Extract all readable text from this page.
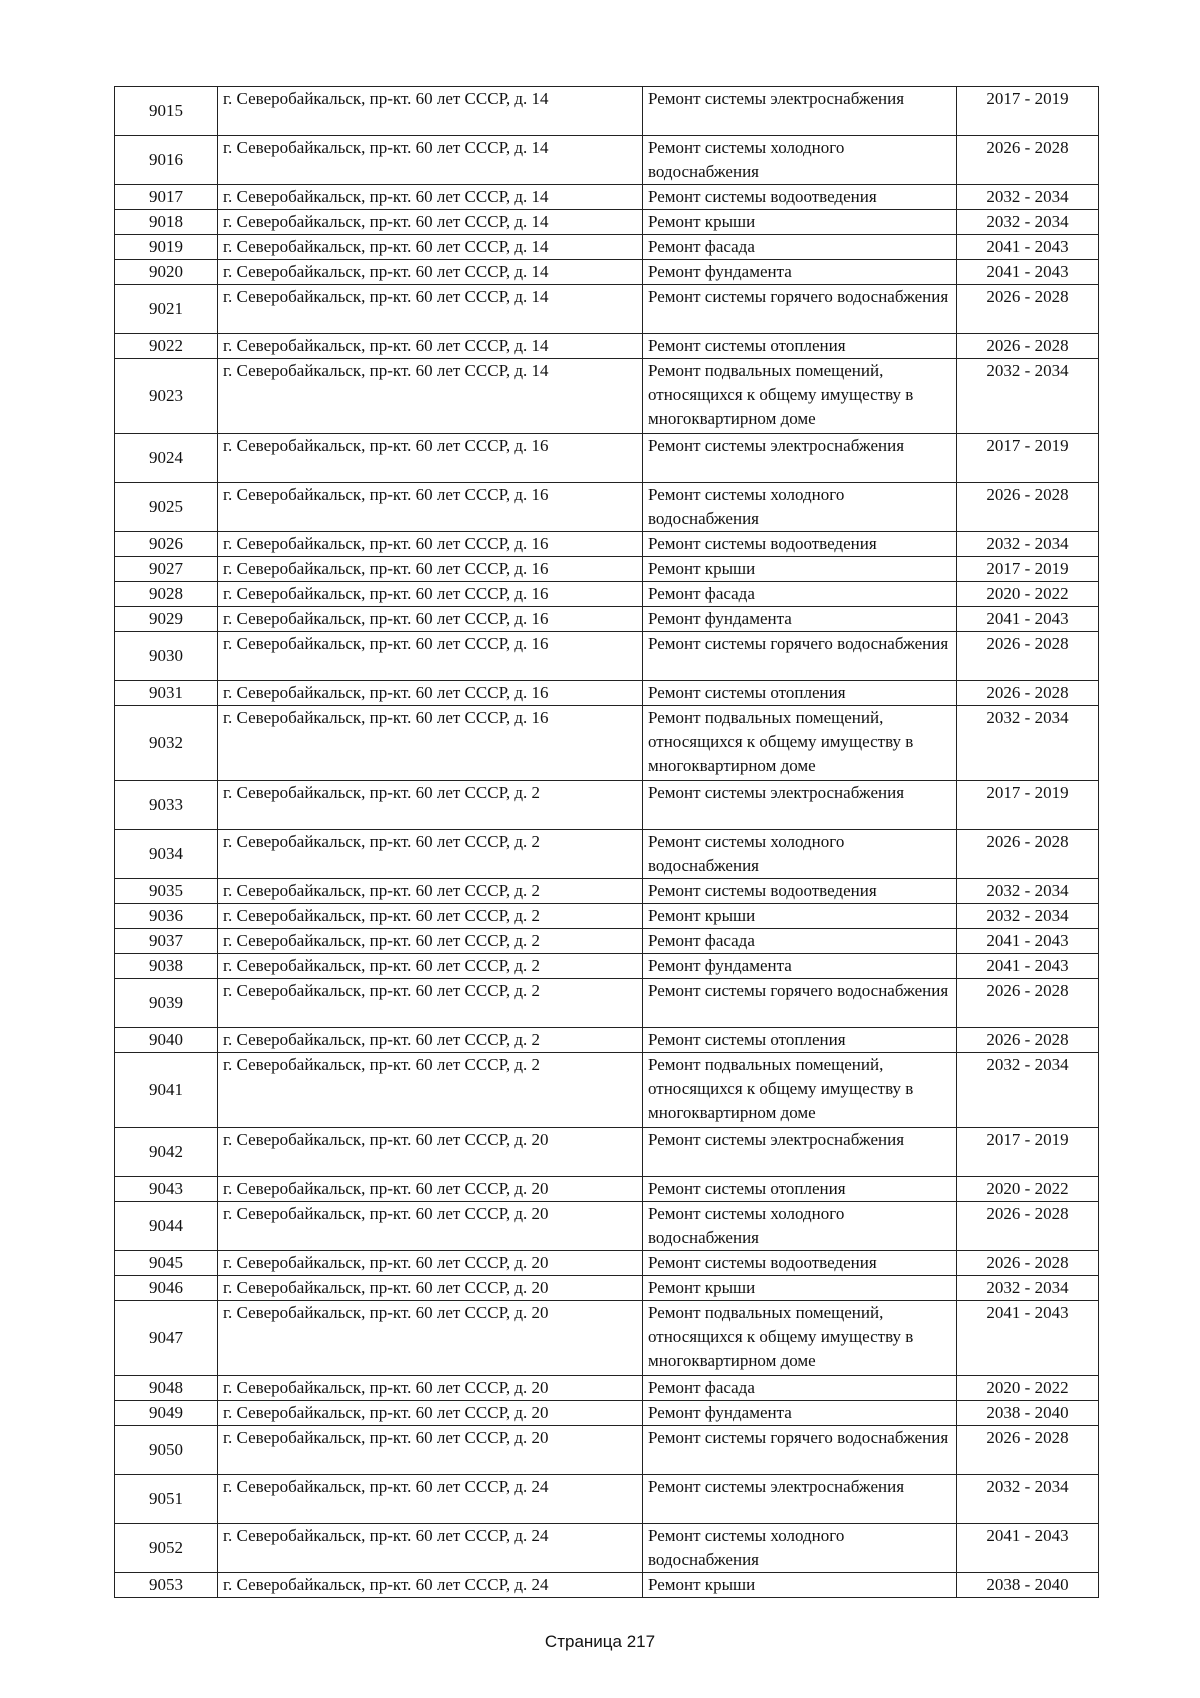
9015	г. Северобайкальск, пр-кт. 60 лет СССР, д. 14	Ремонт системы электроснабжения	2017 - 2019
9016	г. Северобайкальск, пр-кт. 60 лет СССР, д. 14	Ремонт системы холодного водоснабжения	2026 - 2028
9017	г. Северобайкальск, пр-кт. 60 лет СССР, д. 14	Ремонт системы водоотведения	2032 - 2034
9018	г. Северобайкальск, пр-кт. 60 лет СССР, д. 14	Ремонт крыши	2032 - 2034
9019	г. Северобайкальск, пр-кт. 60 лет СССР, д. 14	Ремонт фасада	2041 - 2043
9020	г. Северобайкальск, пр-кт. 60 лет СССР, д. 14	Ремонт фундамента	2041 - 2043
9021	г. Северобайкальск, пр-кт. 60 лет СССР, д. 14	Ремонт системы горячего водоснабжения	2026 - 2028
9022	г. Северобайкальск, пр-кт. 60 лет СССР, д. 14	Ремонт системы отопления	2026 - 2028
9023	г. Северобайкальск, пр-кт. 60 лет СССР, д. 14	Ремонт подвальных помещений, относящихся к общему имуществу в многоквартирном доме	2032 - 2034
9024	г. Северобайкальск, пр-кт. 60 лет СССР, д. 16	Ремонт системы электроснабжения	2017 - 2019
9025	г. Северобайкальск, пр-кт. 60 лет СССР, д. 16	Ремонт системы холодного водоснабжения	2026 - 2028
9026	г. Северобайкальск, пр-кт. 60 лет СССР, д. 16	Ремонт системы водоотведения	2032 - 2034
9027	г. Северобайкальск, пр-кт. 60 лет СССР, д. 16	Ремонт крыши	2017 - 2019
9028	г. Северобайкальск, пр-кт. 60 лет СССР, д. 16	Ремонт фасада	2020 - 2022
9029	г. Северобайкальск, пр-кт. 60 лет СССР, д. 16	Ремонт фундамента	2041 - 2043
9030	г. Северобайкальск, пр-кт. 60 лет СССР, д. 16	Ремонт системы горячего водоснабжения	2026 - 2028
9031	г. Северобайкальск, пр-кт. 60 лет СССР, д. 16	Ремонт системы отопления	2026 - 2028
9032	г. Северобайкальск, пр-кт. 60 лет СССР, д. 16	Ремонт подвальных помещений, относящихся к общему имуществу в многоквартирном доме	2032 - 2034
9033	г. Северобайкальск, пр-кт. 60 лет СССР, д. 2	Ремонт системы электроснабжения	2017 - 2019
9034	г. Северобайкальск, пр-кт. 60 лет СССР, д. 2	Ремонт системы холодного водоснабжения	2026 - 2028
9035	г. Северобайкальск, пр-кт. 60 лет СССР, д. 2	Ремонт системы водоотведения	2032 - 2034
9036	г. Северобайкальск, пр-кт. 60 лет СССР, д. 2	Ремонт крыши	2032 - 2034
9037	г. Северобайкальск, пр-кт. 60 лет СССР, д. 2	Ремонт фасада	2041 - 2043
9038	г. Северобайкальск, пр-кт. 60 лет СССР, д. 2	Ремонт фундамента	2041 - 2043
9039	г. Северобайкальск, пр-кт. 60 лет СССР, д. 2	Ремонт системы горячего водоснабжения	2026 - 2028
9040	г. Северобайкальск, пр-кт. 60 лет СССР, д. 2	Ремонт системы отопления	2026 - 2028
9041	г. Северобайкальск, пр-кт. 60 лет СССР, д. 2	Ремонт подвальных помещений, относящихся к общему имуществу в многоквартирном доме	2032 - 2034
9042	г. Северобайкальск, пр-кт. 60 лет СССР, д. 20	Ремонт системы электроснабжения	2017 - 2019
9043	г. Северобайкальск, пр-кт. 60 лет СССР, д. 20	Ремонт системы отопления	2020 - 2022
9044	г. Северобайкальск, пр-кт. 60 лет СССР, д. 20	Ремонт системы холодного водоснабжения	2026 - 2028
9045	г. Северобайкальск, пр-кт. 60 лет СССР, д. 20	Ремонт системы водоотведения	2026 - 2028
9046	г. Северобайкальск, пр-кт. 60 лет СССР, д. 20	Ремонт крыши	2032 - 2034
9047	г. Северобайкальск, пр-кт. 60 лет СССР, д. 20	Ремонт подвальных помещений, относящихся к общему имуществу в многоквартирном доме	2041 - 2043
9048	г. Северобайкальск, пр-кт. 60 лет СССР, д. 20	Ремонт фасада	2020 - 2022
9049	г. Северобайкальск, пр-кт. 60 лет СССР, д. 20	Ремонт фундамента	2038 - 2040
9050	г. Северобайкальск, пр-кт. 60 лет СССР, д. 20	Ремонт системы горячего водоснабжения	2026 - 2028
9051	г. Северобайкальск, пр-кт. 60 лет СССР, д. 24	Ремонт системы электроснабжения	2032 - 2034
9052	г. Северобайкальск, пр-кт. 60 лет СССР, д. 24	Ремонт системы холодного водоснабжения	2041 - 2043
9053	г. Северобайкальск, пр-кт. 60 лет СССР, д. 24	Ремонт крыши	2038 - 2040
Страница 217
